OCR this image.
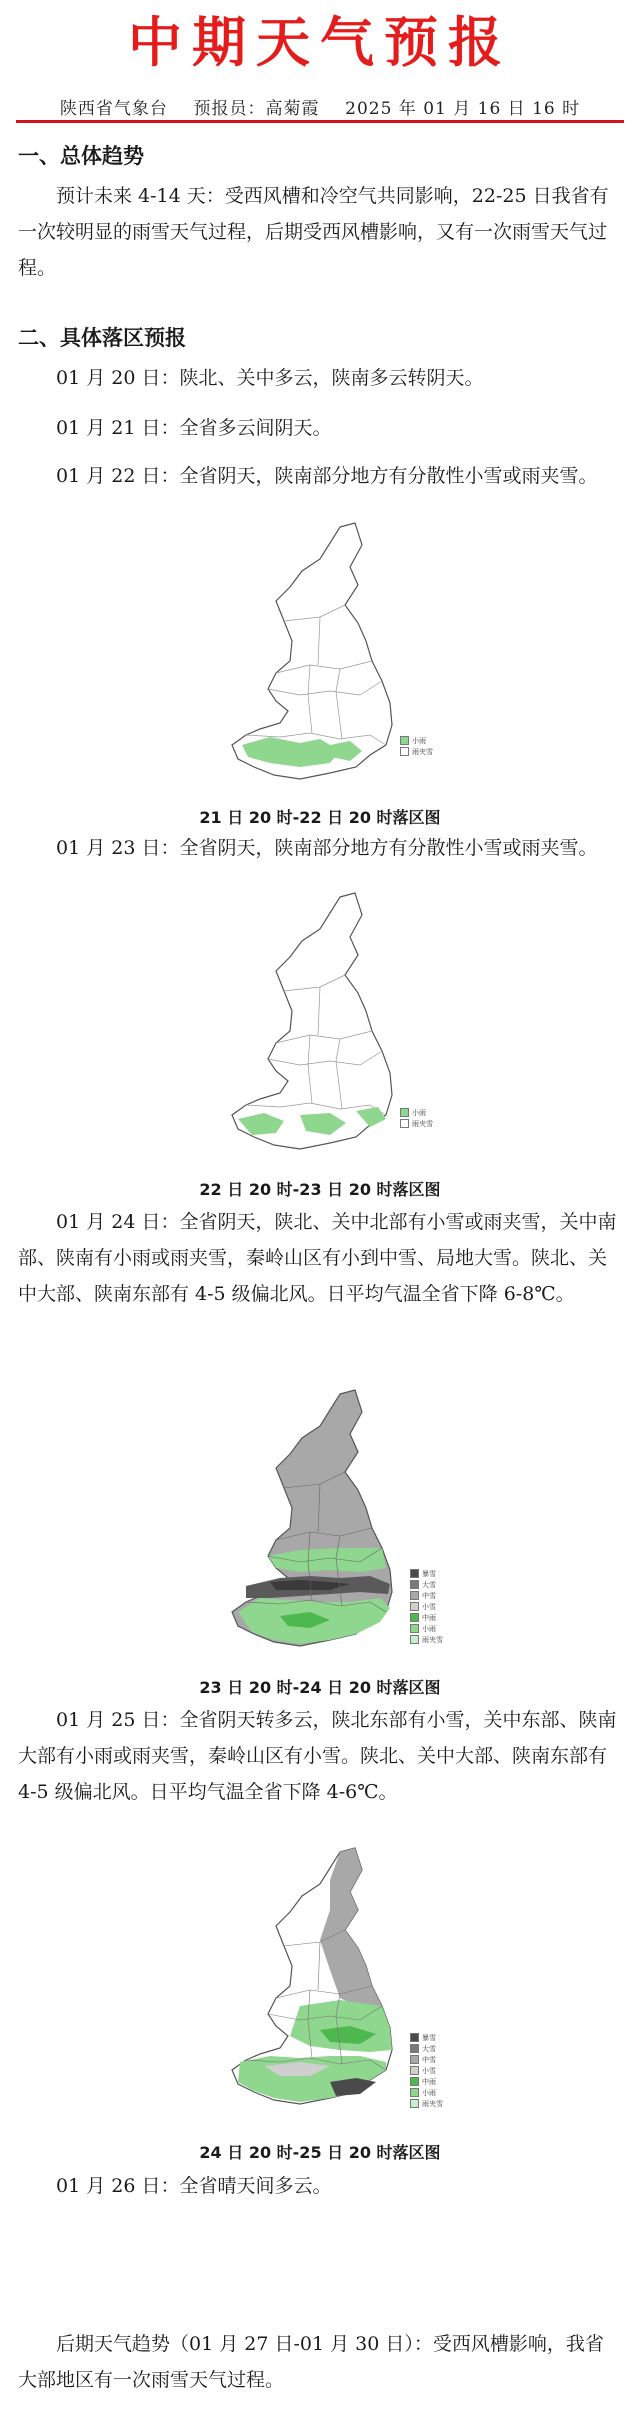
中期天气预报
陕西省气象台 预报员：高菊霞 2025 年 01 月 16 日 16 时
一、总体趋势
预计未来 4-14 天：受西风槽和冷空气共同影响，22-25 日我省有一次较明显的雨雪天气过程，后期受西风槽影响，又有一次雨雪天气过程。
二、具体落区预报
01 月 20 日：陕北、关中多云，陕南多云转阴天。
01 月 21 日：全省多云间阴天。
01 月 22 日：全省阴天，陕南部分地方有分散性小雪或雨夹雪。
小雨
雨夹雪
21 日 20 时-22 日 20 时落区图
01 月 23 日：全省阴天，陕南部分地方有分散性小雪或雨夹雪。
小雨
雨夹雪
22 日 20 时-23 日 20 时落区图
01 月 24 日：全省阴天，陕北、关中北部有小雪或雨夹雪，关中南部、陕南有小雨或雨夹雪，秦岭山区有小到中雪、局地大雪。陕北、关中大部、陕南东部有 4-5 级偏北风。日平均气温全省下降 6-8℃。
暴雪
大雪
中雪
小雪
中雨
小雨
雨夹雪
23 日 20 时-24 日 20 时落区图
01 月 25 日：全省阴天转多云，陕北东部有小雪，关中东部、陕南大部有小雨或雨夹雪，秦岭山区有小雪。陕北、关中大部、陕南东部有 4-5 级偏北风。日平均气温全省下降 4-6℃。
暴雪
大雪
中雪
小雪
中雨
小雨
雨夹雪
24 日 20 时-25 日 20 时落区图
01 月 26 日：全省晴天间多云。
后期天气趋势（01 月 27 日-01 月 30 日）：受西风槽影响，我省大部地区有一次雨雪天气过程。
